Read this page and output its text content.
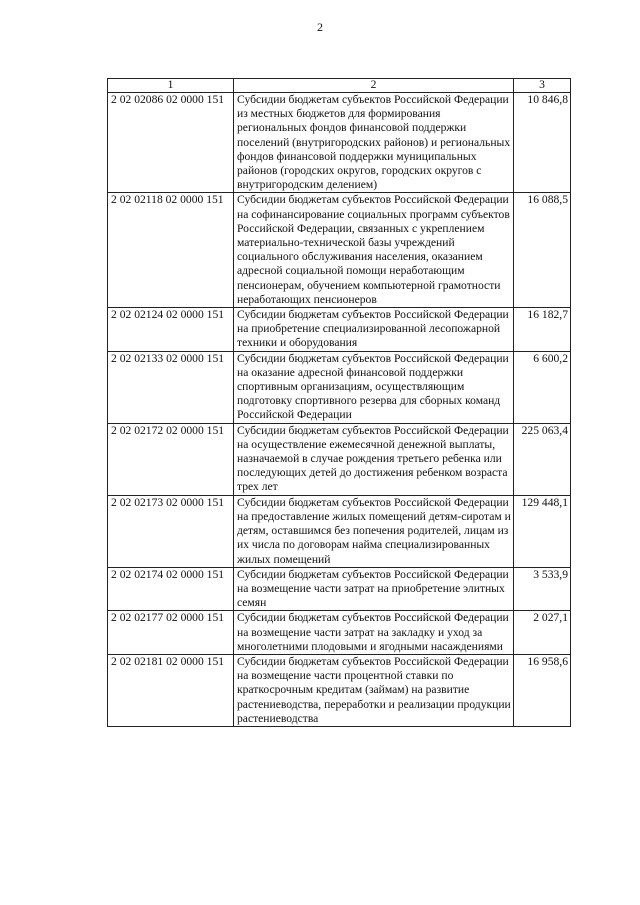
2
1	2	3
2 02 02086 02 0000 151	Субсидии бюджетам субъектов Российской Федерации из местных бюджетов для формирования региональных фондов финансовой поддержки поселений (внутригородских районов) и региональных фондов финансовой поддержки муниципальных районов (городских округов, городских округов с внутригородским делением)	10 846,8
2 02 02118 02 0000 151	Субсидии бюджетам субъектов Российской Федерации на софинансирование социальных программ субъектов Российской Федерации, связанных с укреплением материально-технической базы учреждений социального обслуживания населения, оказанием адресной социальной помощи неработающим пенсионерам, обучением компьютерной грамотности неработающих пенсионеров	16 088,5
2 02 02124 02 0000 151	Субсидии бюджетам субъектов Российской Федерации на приобретение специализированной лесопожарной техники и оборудования	16 182,7
2 02 02133 02 0000 151	Субсидии бюджетам субъектов Российской Федерации на оказание адресной финансовой поддержки спортивным организациям, осуществляющим подготовку спортивного резерва для сборных команд Российской Федерации	6 600,2
2 02 02172 02 0000 151	Субсидии бюджетам субъектов Российской Федерации на осуществление ежемесячной денежной выплаты, назначаемой в случае рождения третьего ребенка или последующих детей до достижения ребенком возраста трех лет	225 063,4
2 02 02173 02 0000 151	Субсидии бюджетам субъектов Российской Федерации на предоставление жилых помещений детям-сиротам и детям, оставшимся без попечения родителей, лицам из их числа по договорам найма специализированных жилых помещений	129 448,1
2 02 02174 02 0000 151	Субсидии бюджетам субъектов Российской Федерации на возмещение части затрат на приобретение элитных семян	3 533,9
2 02 02177 02 0000 151	Субсидии бюджетам субъектов Российской Федерации на возмещение части затрат на закладку и уход за многолетними плодовыми и ягодными насаждениями	2 027,1
2 02 02181 02 0000 151	Субсидии бюджетам субъектов Российской Федерации на возмещение части процентной ставки по краткосрочным кредитам (займам) на развитие растениеводства, переработки и реализации продукции растениеводства	16 958,6
